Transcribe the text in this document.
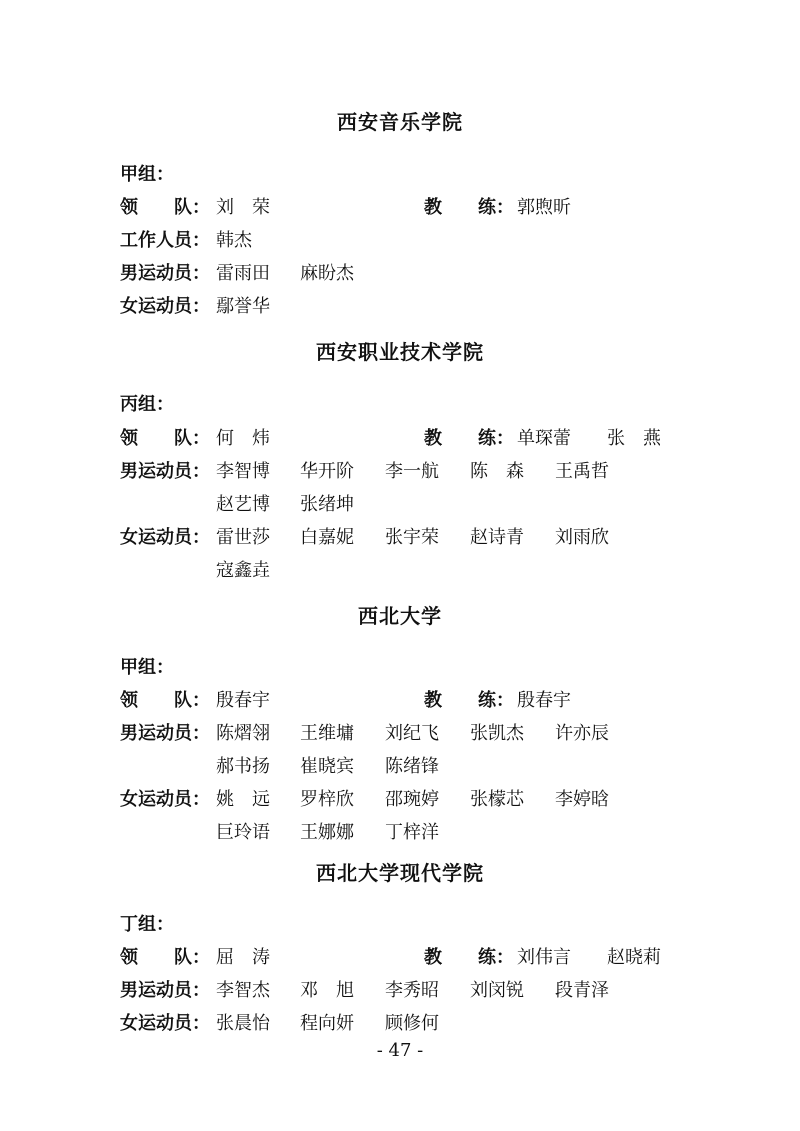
西安音乐学院
甲组：
领　　队： 刘　荣	教　　练： 郭煦昕
工作人员： 韩杰
男运动员： 雷雨田 麻盼杰
女运动员： 鄢誉华
西安职业技术学院
丙组：
领　　队： 何　炜	教　　练： 单琛蕾　　张　燕
男运动员： 李智博 华开阶 李一航 陈　森 王禹哲
赵艺博 张绪坤
女运动员： 雷世莎 白嘉妮 张宇荣 赵诗青 刘雨欣
寇鑫垚
西北大学
甲组：
领　　队： 殷春宇	教　　练： 殷春宇
男运动员： 陈熠翎 王维墉 刘纪飞 张凯杰 许亦辰
郝书扬 崔晓宾 陈绪锋
女运动员： 姚　远 罗梓欣 邵琬婷 张檬芯 李婷晗
巨玲语 王娜娜 丁梓洋
西北大学现代学院
丁组：
领　　队： 屈　涛	教　　练： 刘伟言　　赵晓莉
男运动员： 李智杰 邓　旭 李秀昭 刘闵锐 段青泽
女运动员： 张晨怡 程向妍 顾修何
- 47 -
